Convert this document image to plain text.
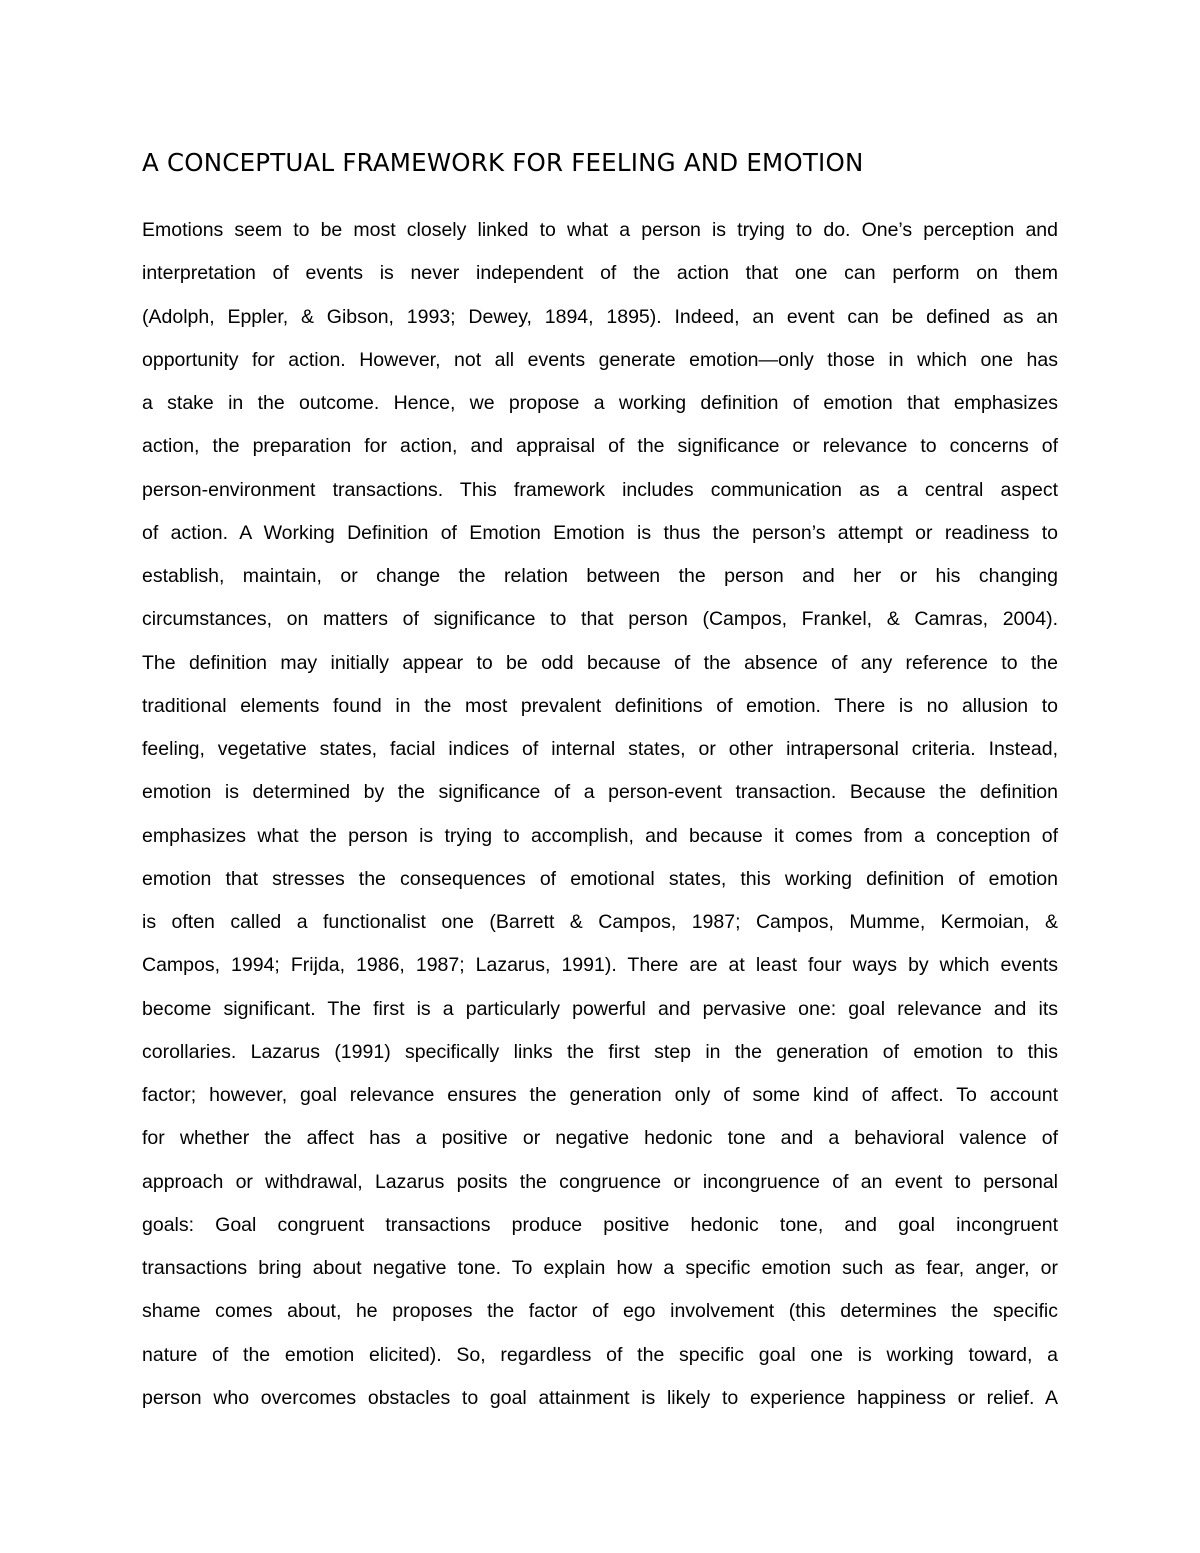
A CONCEPTUAL FRAMEWORK FOR FEELING AND EMOTION
Emotions seem to be most closely linked to what a person is trying to do. One’s perception and
interpretation of events is never independent of the action that one can perform on them
(Adolph, Eppler, & Gibson, 1993; Dewey, 1894, 1895). Indeed, an event can be defined as an
opportunity for action. However, not all events generate emotion—only those in which one has
a stake in the outcome. Hence, we propose a working definition of emotion that emphasizes
action, the preparation for action, and appraisal of the significance or relevance to concerns of
person-environment transactions. This framework includes communication as a central aspect
of action. A Working Definition of Emotion Emotion is thus the person’s attempt or readiness to
establish, maintain, or change the relation between the person and her or his changing
circumstances, on matters of significance to that person (Campos, Frankel, & Camras, 2004).
The definition may initially appear to be odd because of the absence of any reference to the
traditional elements found in the most prevalent definitions of emotion. There is no allusion to
feeling, vegetative states, facial indices of internal states, or other intrapersonal criteria. Instead,
emotion is determined by the significance of a person-event transaction. Because the definition
emphasizes what the person is trying to accomplish, and because it comes from a conception of
emotion that stresses the consequences of emotional states, this working definition of emotion
is often called a functionalist one (Barrett & Campos, 1987; Campos, Mumme, Kermoian, &
Campos, 1994; Frijda, 1986, 1987; Lazarus, 1991). There are at least four ways by which events
become significant. The first is a particularly powerful and pervasive one: goal relevance and its
corollaries. Lazarus (1991) specifically links the first step in the generation of emotion to this
factor; however, goal relevance ensures the generation only of some kind of affect. To account
for whether the affect has a positive or negative hedonic tone and a behavioral valence of
approach or withdrawal, Lazarus posits the congruence or incongruence of an event to personal
goals: Goal congruent transactions produce positive hedonic tone, and goal incongruent
transactions bring about negative tone. To explain how a specific emotion such as fear, anger, or
shame comes about, he proposes the factor of ego involvement (this determines the specific
nature of the emotion elicited). So, regardless of the specific goal one is working toward, a
person who overcomes obstacles to goal attainment is likely to experience happiness or relief. A
